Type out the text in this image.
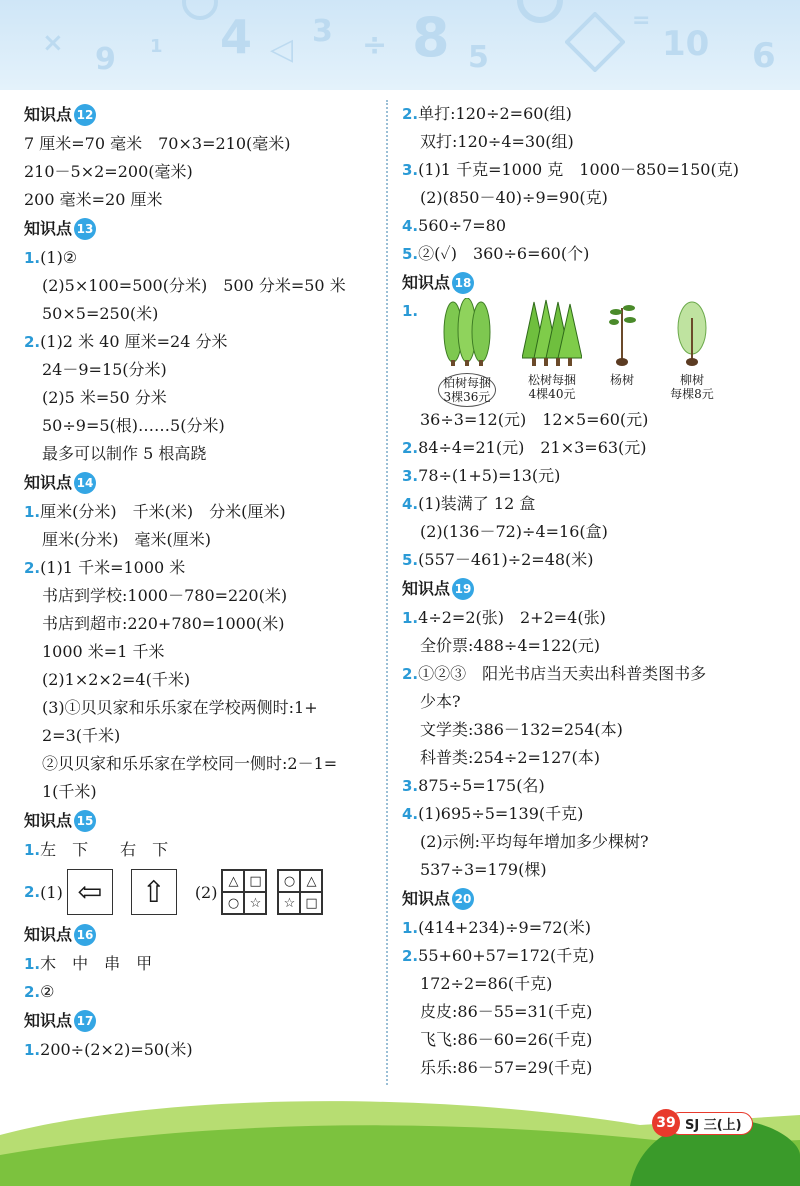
× 9 1 4 ◁
3 ÷ 8 5
=
10 6
知识点 12
7 厘米=70 毫米　70×3=210(毫米)
210－5×2=200(毫米)
200 毫米=20 厘米
知识点 13
1.(1)②
(2)5×100=500(分米)　500 分米=50 米
50×5=250(米)
2.(1)2 米 40 厘米=24 分米
24－9=15(分米)
(2)5 米=50 分米
50÷9=5(根)……5(分米)
最多可以制作 5 根高跷
知识点 14
1.厘米(分米)　千米(米)　分米(厘米)
厘米(分米)　毫米(厘米)
2.(1)1 千米=1000 米
书店到学校:1000－780=220(米)
书店到超市:220+780=1000(米)
1000 米=1 千米
(2)1×2×2=4(千米)
(3)①贝贝家和乐乐家在学校两侧时:1+
2=3(千米)
②贝贝家和乐乐家在学校同一侧时:2－1=
1(千米)
知识点 15
1.左　下　　右　下
2. (1) ⇦ ⇧ (2)
△ □
○ ☆
○ △
☆ □
知识点 16
1.木　中　串　甲
2.②
知识点 17
1.200÷(2×2)=50(米)
2.单打:120÷2=60(组)
双打:120÷4=30(组)
3.(1)1 千克=1000 克　1000－850=150(克)
(2)(850－40)÷9=90(克)
4.560÷7=80
5.②(✓)　360÷6=60(个)
知识点 18
1.
柏树每捆
3棵36元
松树每捆
4棵40元
杨树	柳树
每棵8元
36÷3=12(元)　12×5=60(元)
2.84÷4=21(元)　21×3=63(元)
3.78÷(1+5)=13(元)
4.(1)装满了 12 盒
(2)(136－72)÷4=16(盒)
5.(557－461)÷2=48(米)
知识点 19
1.4÷2=2(张)　2+2=4(张)
全价票:488÷4=122(元)
2.①②③　阳光书店当天卖出科普类图书多
少本?
文学类:386－132=254(本)
科普类:254÷2=127(本)
3.875÷5=175(名)
4.(1)695÷5=139(千克)
(2)示例:平均每年增加多少棵树?
537÷3=179(棵)
知识点 20
1.(414+234)÷9=72(米)
2.55+60+57=172(千克)
172÷2=86(千克)
皮皮:86－55=31(千克)
飞飞:86－60=26(千克)
乐乐:86－57=29(千克)
39 SJ 三(上)
